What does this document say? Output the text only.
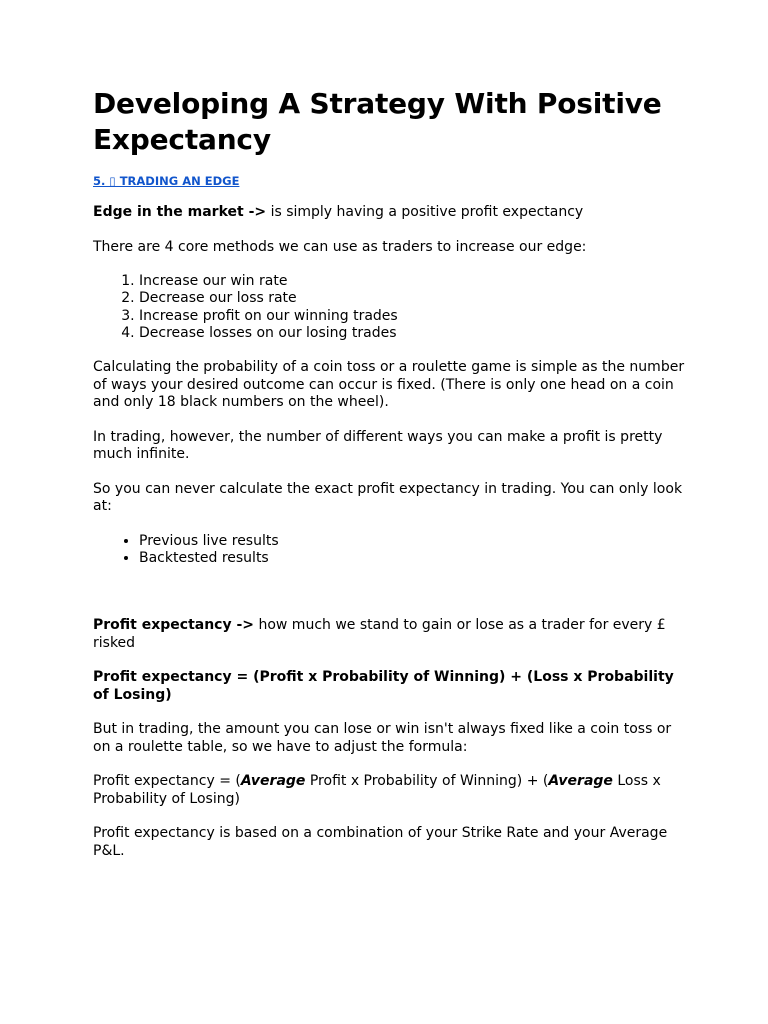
Developing A Strategy With Positive Expectancy
5. ▯ TRADING AN EDGE

Edge in the market -> is simply having a positive profit expectancy

There are 4 core methods we can use as traders to increase our edge:

1. Increase our win rate
2. Decrease our loss rate
3. Increase profit on our winning trades
4. Decrease losses on our losing trades

Calculating the probability of a coin toss or a roulette game is simple as the number of ways your desired outcome can occur is fixed. (There is only one head on a coin and only 18 black numbers on the wheel).

In trading, however, the number of different ways you can make a profit is pretty much infinite.

So you can never calculate the exact profit expectancy in trading. You can only look at:

• Previous live results
• Backtested results

Profit expectancy -> how much we stand to gain or lose as a trader for every £ risked

Profit expectancy = (Profit x Probability of Winning) + (Loss x Probability of Losing)

But in trading, the amount you can lose or win isn't always fixed like a coin toss or on a roulette table, so we have to adjust the formula:

Profit expectancy = (Average Profit x Probability of Winning) + (Average Loss x Probability of Losing)

Profit expectancy is based on a combination of your Strike Rate and your Average P&L.
